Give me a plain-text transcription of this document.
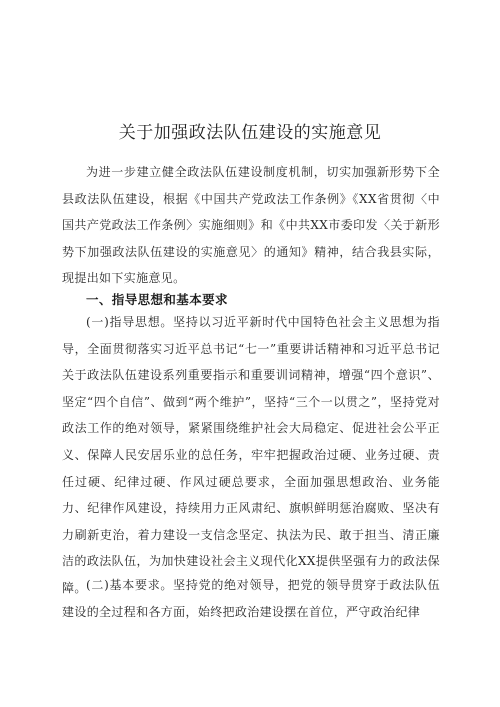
关于加强政法队伍建设的实施意见

为进一步建立健全政法队伍建设制度机制，切实加强新形势下全县政法队伍建设，根据《中国共产党政法工作条例》《XX省贯彻〈中国共产党政法工作条例〉实施细则》和《中共XX市委印发〈关于新形势下加强政法队伍建设的实施意见〉的通知》精神，结合我县实际，现提出如下实施意见。

一、指导思想和基本要求

(一)指导思想。坚持以习近平新时代中国特色社会主义思想为指导，全面贯彻落实习近平总书记“七一”重要讲话精神和习近平总书记关于政法队伍建设系列重要指示和重要训词精神，增强“四个意识”、坚定“四个自信”、做到“两个维护”，坚持“三个一以贯之”，坚持党对政法工作的绝对领导，紧紧围绕维护社会大局稳定、促进社会公平正义、保障人民安居乐业的总任务，牢牢把握政治过硬、业务过硬、责任过硬、纪律过硬、作风过硬总要求，全面加强思想政治、业务能力、纪律作风建设，持续用力正风肃纪、旗帜鲜明惩治腐败、坚决有力刷新吏治，着力建设一支信念坚定、执法为民、敢于担当、清正廉洁的政法队伍，为加快建设社会主义现代化XX提供坚强有力的政法保障。 (二)基本要求。坚持党的绝对领导，把党的领导贯穿于政法队伍建设的全过程和各方面，始终把政治建设摆在首位，严守政治纪律
